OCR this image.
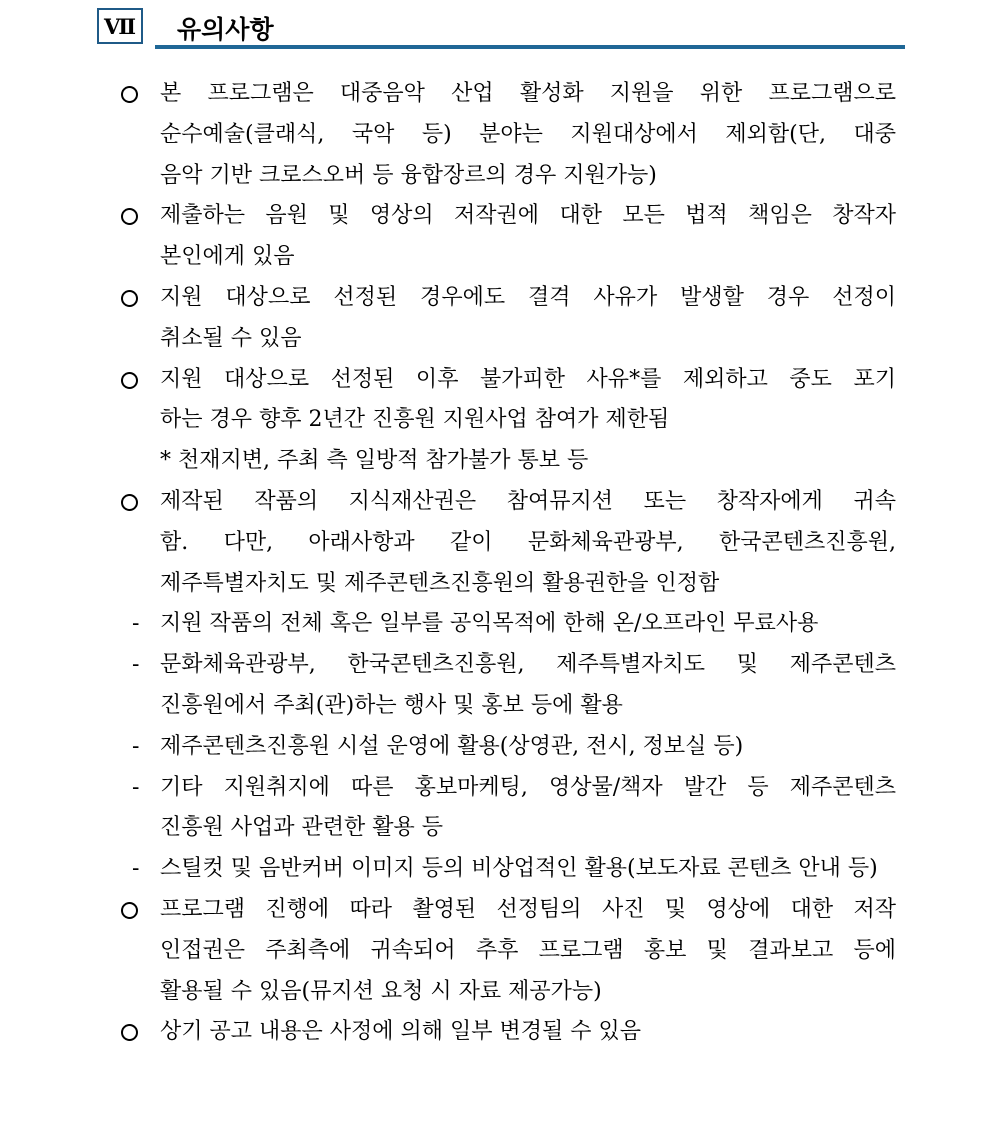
Ⅶ 유의사항
본 프로그램은 대중음악 산업 활성화 지원을 위한 프로그램으로
순수예술(클래식, 국악 등) 분야는 지원대상에서 제외함(단, 대중
음악 기반 크로스오버 등 융합장르의 경우 지원가능)
제출하는 음원 및 영상의 저작권에 대한 모든 법적 책임은 창작자
본인에게 있음
지원 대상으로 선정된 경우에도 결격 사유가 발생할 경우 선정이
취소될 수 있음
지원 대상으로 선정된 이후 불가피한 사유*를 제외하고 중도 포기
하는 경우 향후 2년간 진흥원 지원사업 참여가 제한됨
* 천재지변, 주최 측 일방적 참가불가 통보 등
제작된 작품의 지식재산권은 참여뮤지션 또는 창작자에게 귀속
함. 다만, 아래사항과 같이 문화체육관광부, 한국콘텐츠진흥원,
제주특별자치도 및 제주콘텐츠진흥원의 활용권한을 인정함
- 지원 작품의 전체 혹은 일부를 공익목적에 한해 온/오프라인 무료사용
- 문화체육관광부, 한국콘텐츠진흥원, 제주특별자치도 및 제주콘텐츠
진흥원에서 주최(관)하는 행사 및 홍보 등에 활용
- 제주콘텐츠진흥원 시설 운영에 활용(상영관, 전시, 정보실 등)
- 기타 지원취지에 따른 홍보마케팅, 영상물/책자 발간 등 제주콘텐츠
진흥원 사업과 관련한 활용 등
- 스틸컷 및 음반커버 이미지 등의 비상업적인 활용(보도자료 콘텐츠 안내 등)
프로그램 진행에 따라 촬영된 선정팀의 사진 및 영상에 대한 저작
인접권은 주최측에 귀속되어 추후 프로그램 홍보 및 결과보고 등에
활용될 수 있음(뮤지션 요청 시 자료 제공가능)
상기 공고 내용은 사정에 의해 일부 변경될 수 있음
